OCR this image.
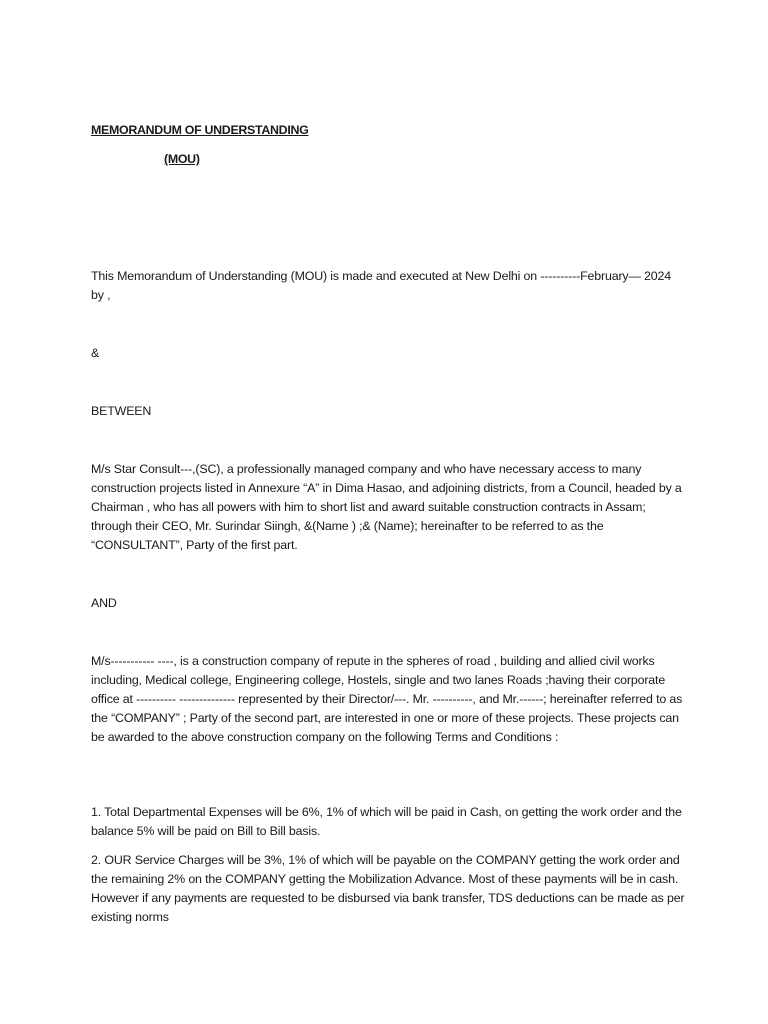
MEMORANDUM OF UNDERSTANDING

(MOU)

This Memorandum of Understanding (MOU) is made and executed at New Delhi on ----------February— 2024 by ,

&

BETWEEN

M/s Star Consult---,(SC), a professionally managed company and who have necessary access to many construction projects listed in Annexure “A” in Dima Hasao, and adjoining districts, from a Council, headed by a Chairman , who has all powers with him to short list and award suitable construction contracts in Assam; through their CEO, Mr. Surindar Siingh, &(Name ) ;& (Name); hereinafter to be referred to as the “CONSULTANT”, Party of the first part.

AND

M/s----------- ----, is a construction company of repute in the spheres of road , building and allied civil works including, Medical college, Engineering college, Hostels, single and two lanes Roads ;having their corporate office at ---------- -------------- represented by their Director/---. Mr. ----------, and Mr.------; hereinafter referred to as the “COMPANY” ; Party of the second part, are interested in one or more of these projects. These projects can be awarded to the above construction company on the following Terms and Conditions :

1. Total Departmental Expenses will be 6%, 1% of which will be paid in Cash, on getting the work order and the balance 5% will be paid on Bill to Bill basis.

2. OUR Service Charges will be 3%, 1% of which will be payable on the COMPANY getting the work order and the remaining 2% on the COMPANY getting the Mobilization Advance. Most of these payments will be in cash. However if any payments are requested to be disbursed via bank transfer, TDS deductions can be made as per existing norms
